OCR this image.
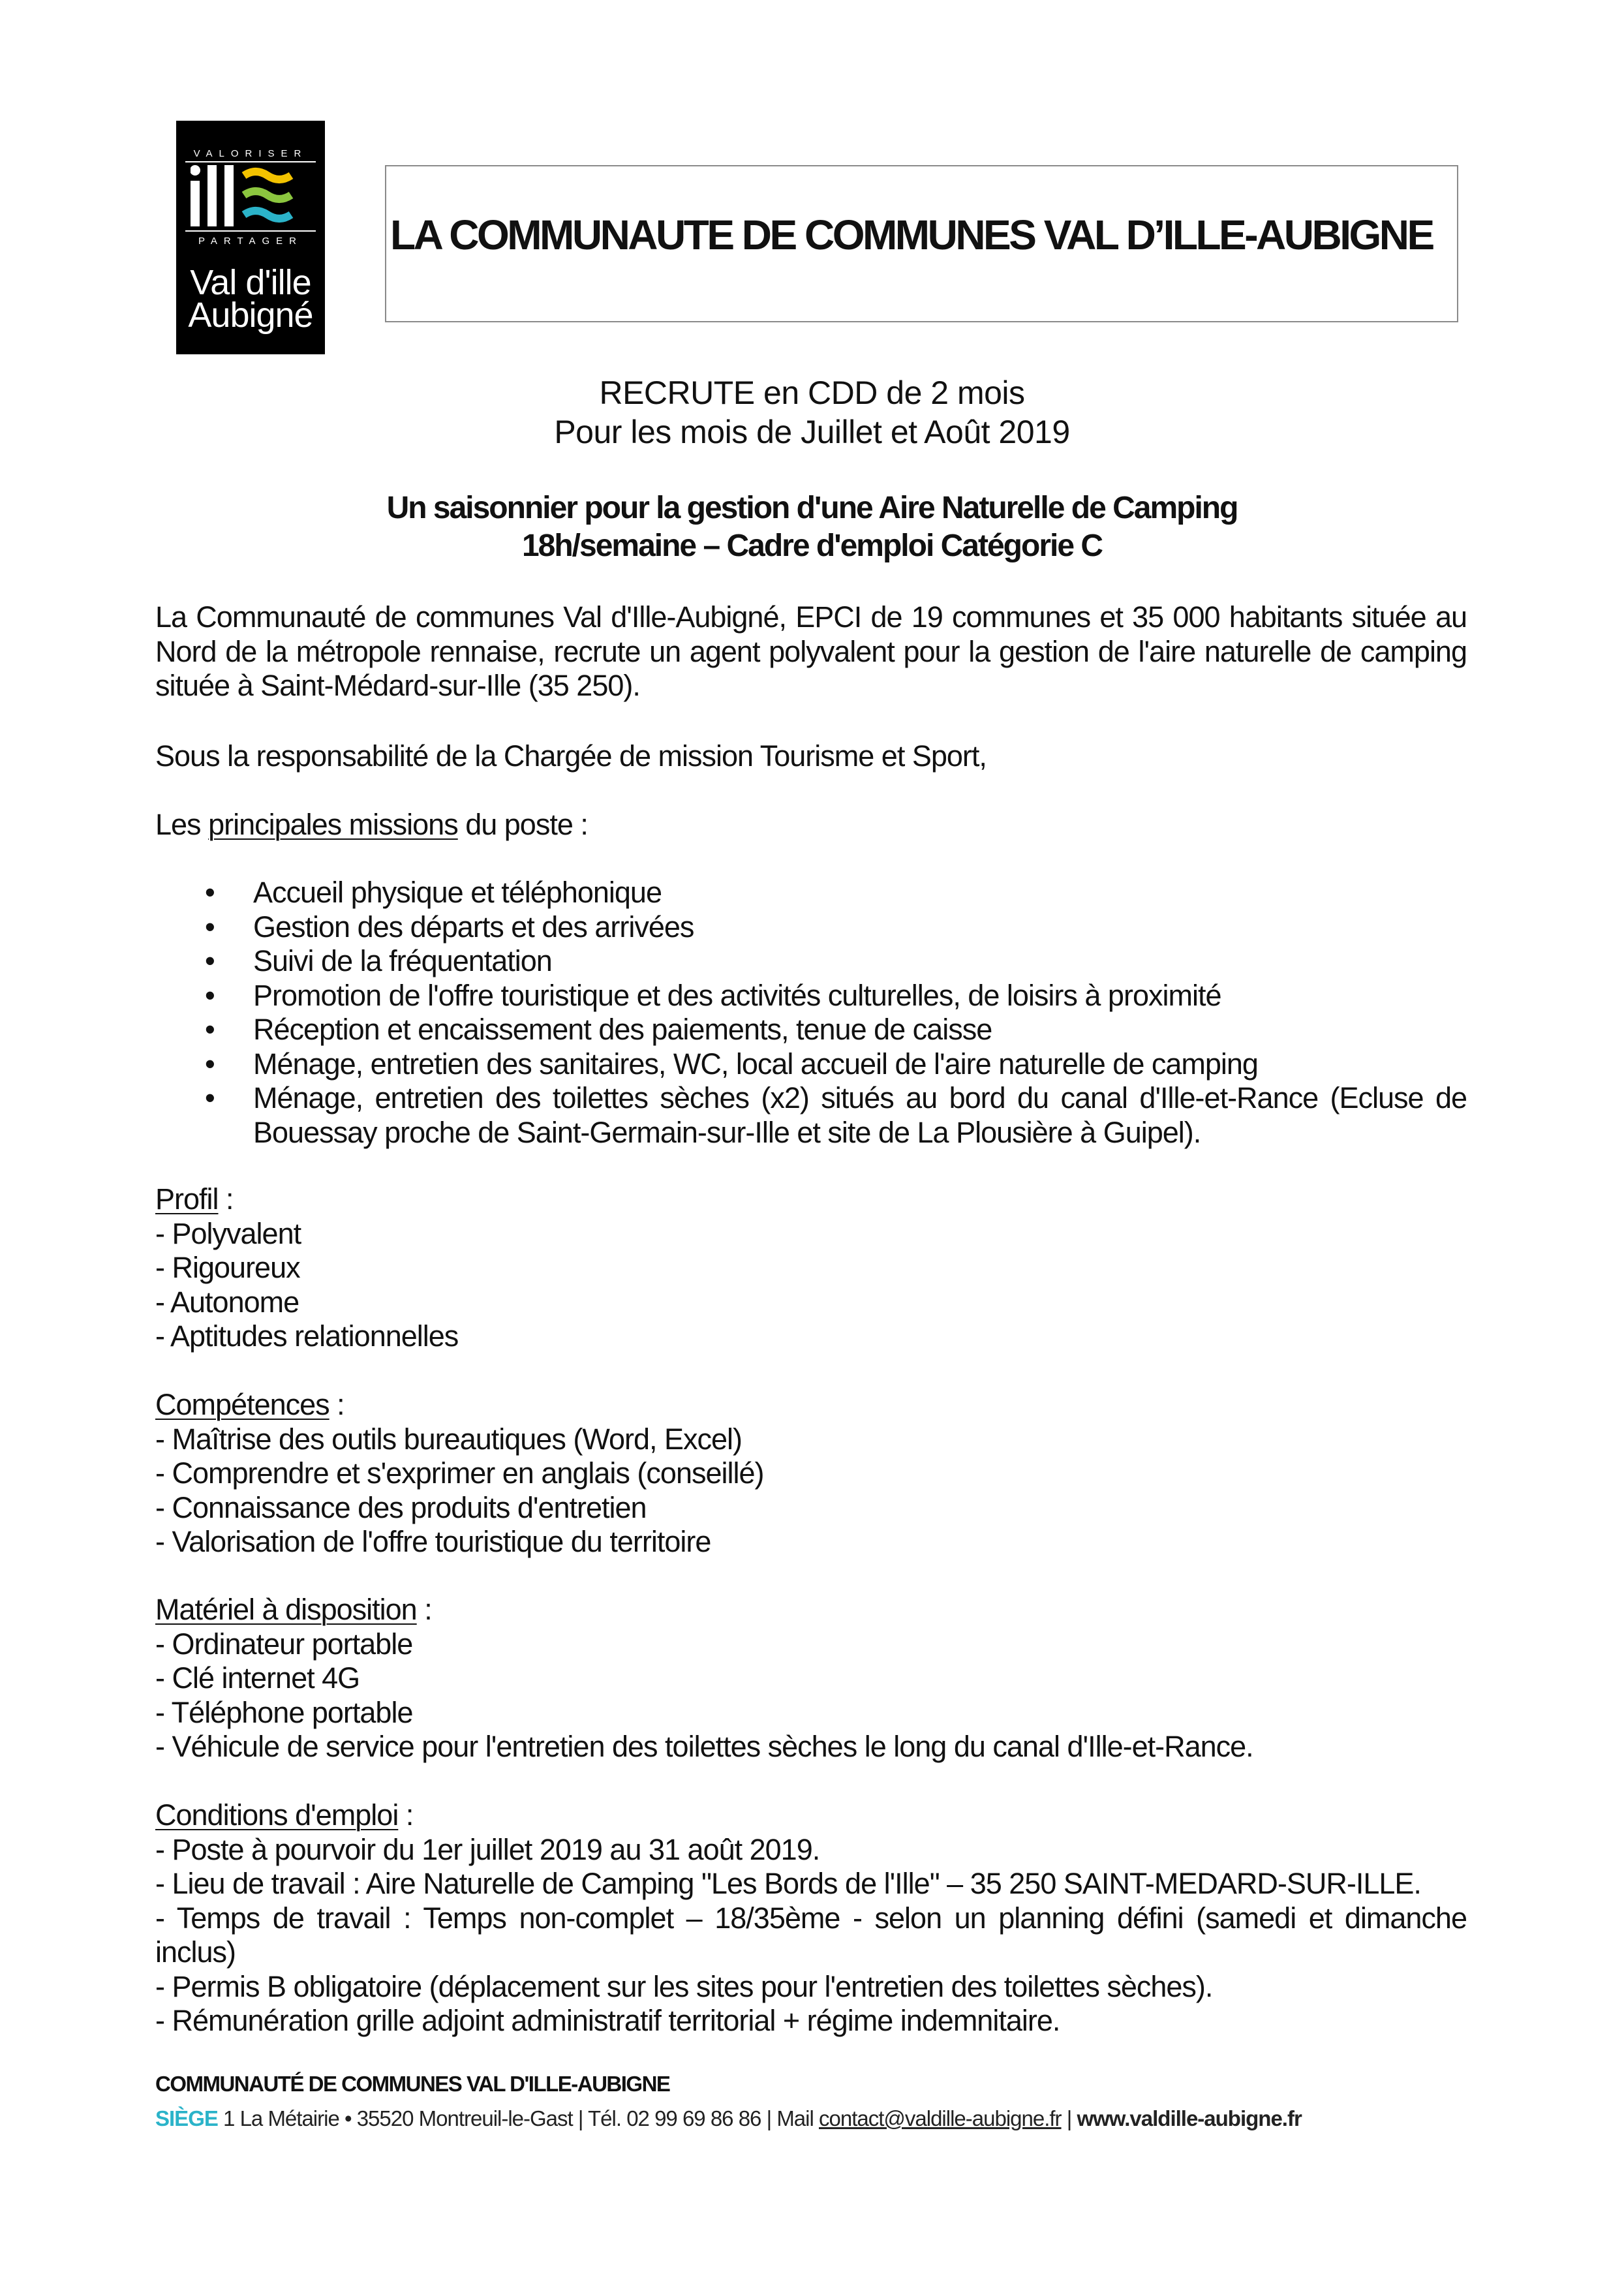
VALORISER
PARTAGER
Val d'ille
Aubigné
LA COMMUNAUTE DE COMMUNES VAL D’ILLE-AUBIGNE
RECRUTE en CDD de 2 mois
Pour les mois de Juillet et Août 2019
Un saisonnier pour la gestion d'une Aire Naturelle de Camping
18h/semaine – Cadre d'emploi Catégorie C
La Communauté de communes Val d'Ille-Aubigné, EPCI de 19 communes et 35 000 habitants située au Nord de la métropole rennaise, recrute un agent polyvalent pour la gestion de l'aire naturelle de camping située à Saint-Médard-sur-Ille (35 250).
Sous la responsabilité de la Chargée de mission Tourisme et Sport,
Les principales missions du poste :
• Accueil physique et téléphonique
• Gestion des départs et des arrivées
• Suivi de la fréquentation
• Promotion de l'offre touristique et des activités culturelles, de loisirs à proximité
• Réception et encaissement des paiements, tenue de caisse
• Ménage, entretien des sanitaires, WC, local accueil de l'aire naturelle de camping
• Ménage, entretien des toilettes sèches (x2) situés au bord du canal d'Ille-et-Rance (Ecluse de Bouessay proche de Saint-Germain-sur-Ille et site de La Plousière à Guipel).
Profil :
- Polyvalent
- Rigoureux
- Autonome
- Aptitudes relationnelles
Compétences :
- Maîtrise des outils bureautiques (Word, Excel)
- Comprendre et s'exprimer en anglais (conseillé)
- Connaissance des produits d'entretien
- Valorisation de l'offre touristique du territoire
Matériel à disposition :
- Ordinateur portable
- Clé internet 4G
- Téléphone portable
- Véhicule de service pour l'entretien des toilettes sèches le long du canal d'Ille-et-Rance.
Conditions d'emploi :
- Poste à pourvoir du 1er juillet 2019 au 31 août 2019.
- Lieu de travail : Aire Naturelle de Camping "Les Bords de l'Ille" – 35 250 SAINT-MEDARD-SUR-ILLE.
- Temps de travail : Temps non-complet – 18/35ème - selon un planning défini (samedi et dimanche inclus)
- Permis B obligatoire (déplacement sur les sites pour l'entretien des toilettes sèches).
- Rémunération grille adjoint administratif territorial + régime indemnitaire.
COMMUNAUTÉ DE COMMUNES VAL D'ILLE-AUBIGNE
SIÈGE 1 La Métairie • 35520 Montreuil-le-Gast | Tél. 02 99 69 86 86 | Mail contact@valdille-aubigne.fr | www.valdille-aubigne.fr
